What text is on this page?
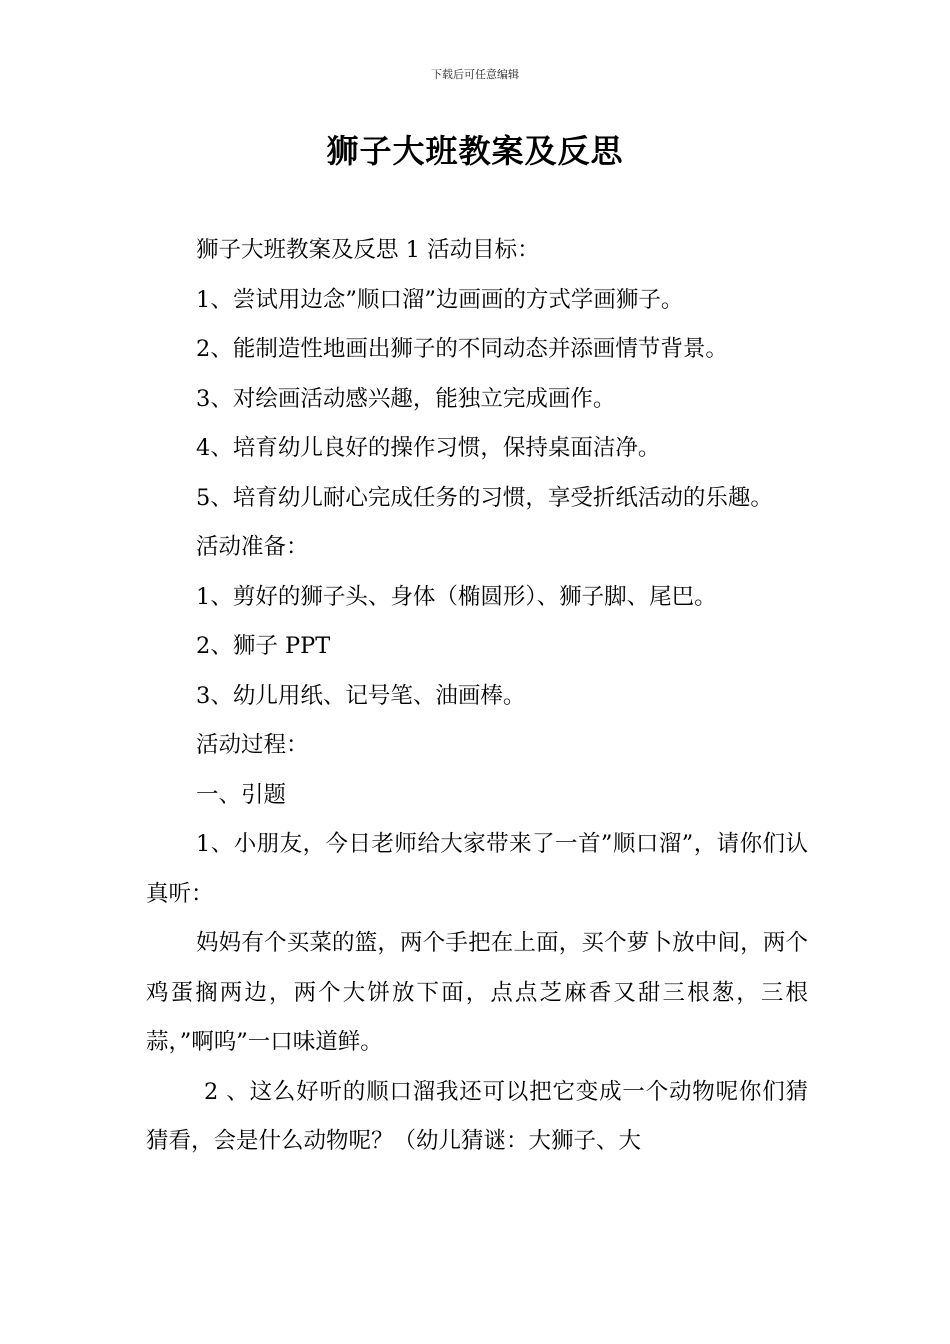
下载后可任意编辑
狮子大班教案及反思

狮子大班教案及反思 1 活动目标：

1、尝试用边念”顺口溜”边画画的方式学画狮子。

2、能制造性地画出狮子的不同动态并添画情节背景。

3、对绘画活动感兴趣，能独立完成画作。

4、培育幼儿良好的操作习惯，保持桌面洁净。

5、培育幼儿耐心完成任务的习惯，享受折纸活动的乐趣。

活动准备：

1、剪好的狮子头、身体（椭圆形）、狮子脚、尾巴。

2、狮子 PPT

3、幼儿用纸、记号笔、油画棒。

活动过程：

一、引题

1、小朋友，今日老师给大家带来了一首”顺口溜”，请你们认真听：

妈妈有个买菜的篮，两个手把在上面，买个萝卜放中间，两个鸡蛋搁两边，两个大饼放下面，点点芝麻香又甜三根葱，三根蒜，”啊呜”一口味道鲜。

2 、这么好听的顺口溜我还可以把它变成一个动物呢你们猜猜看，会是什么动物呢？（幼儿猜谜：大狮子、大
